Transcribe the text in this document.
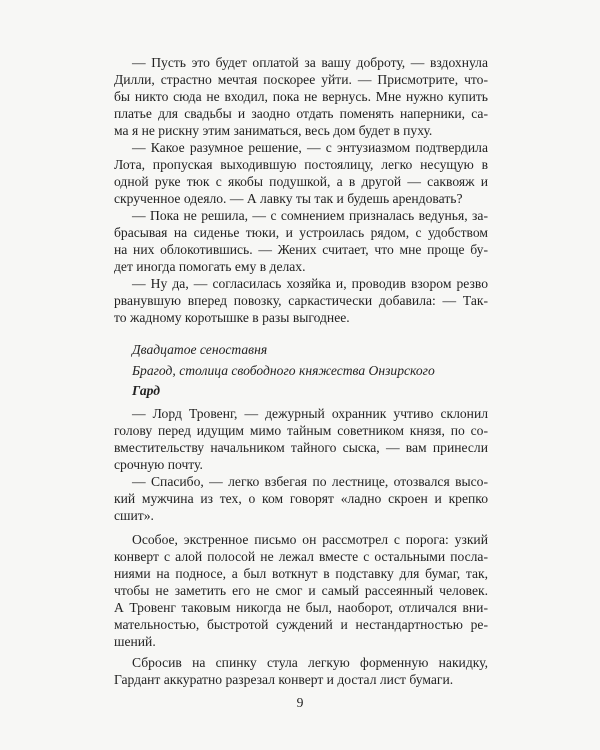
— Пусть это будет оплатой за вашу доброту, — вздохнула
Дилли, страстно мечтая поскорее уйти. — Присмотрите, что-
бы никто сюда не входил, пока не вернусь. Мне нужно купить
платье для свадьбы и заодно отдать поменять наперники, са-
ма я не рискну этим заниматься, весь дом будет в пуху.
— Какое разумное решение, — с энтузиазмом подтвердила
Лота, пропуская выходившую постоялицу, легко несущую в
одной руке тюк с якобы подушкой, а в другой — саквояж и
скрученное одеяло. — А лавку ты так и будешь арендовать?
— Пока не решила, — с сомнением призналась ведунья, за-
брасывая на сиденье тюки, и устроилась рядом, с удобством
на них облокотившись. — Жених считает, что мне проще бу-
дет иногда помогать ему в делах.
— Ну да, — согласилась хозяйка и, проводив взором резво
рванувшую вперед повозку, саркастически добавила: — Так-
то жадному коротышке в разы выгоднее.
Двадцатое сеноставня
Брагод, столица свободного княжества Онзирского
Гард
— Лорд Тровенг, — дежурный охранник учтиво склонил
голову перед идущим мимо тайным советником князя, по со-
вместительству начальником тайного сыска, — вам принесли
срочную почту.
— Спасибо, — легко взбегая по лестнице, отозвался высо-
кий мужчина из тех, о ком говорят «ладно скроен и крепко
сшит».
Особое, экстренное письмо он рассмотрел с порога: узкий
конверт с алой полосой не лежал вместе с остальными посла-
ниями на подносе, а был воткнут в подставку для бумаг, так,
чтобы не заметить его не смог и самый рассеянный человек.
А Тровенг таковым никогда не был, наоборот, отличался вни-
мательностью, быстротой суждений и нестандартностью ре-
шений.
Сбросив на спинку стула легкую форменную накидку,
Гардант аккуратно разрезал конверт и достал лист бумаги.
9
